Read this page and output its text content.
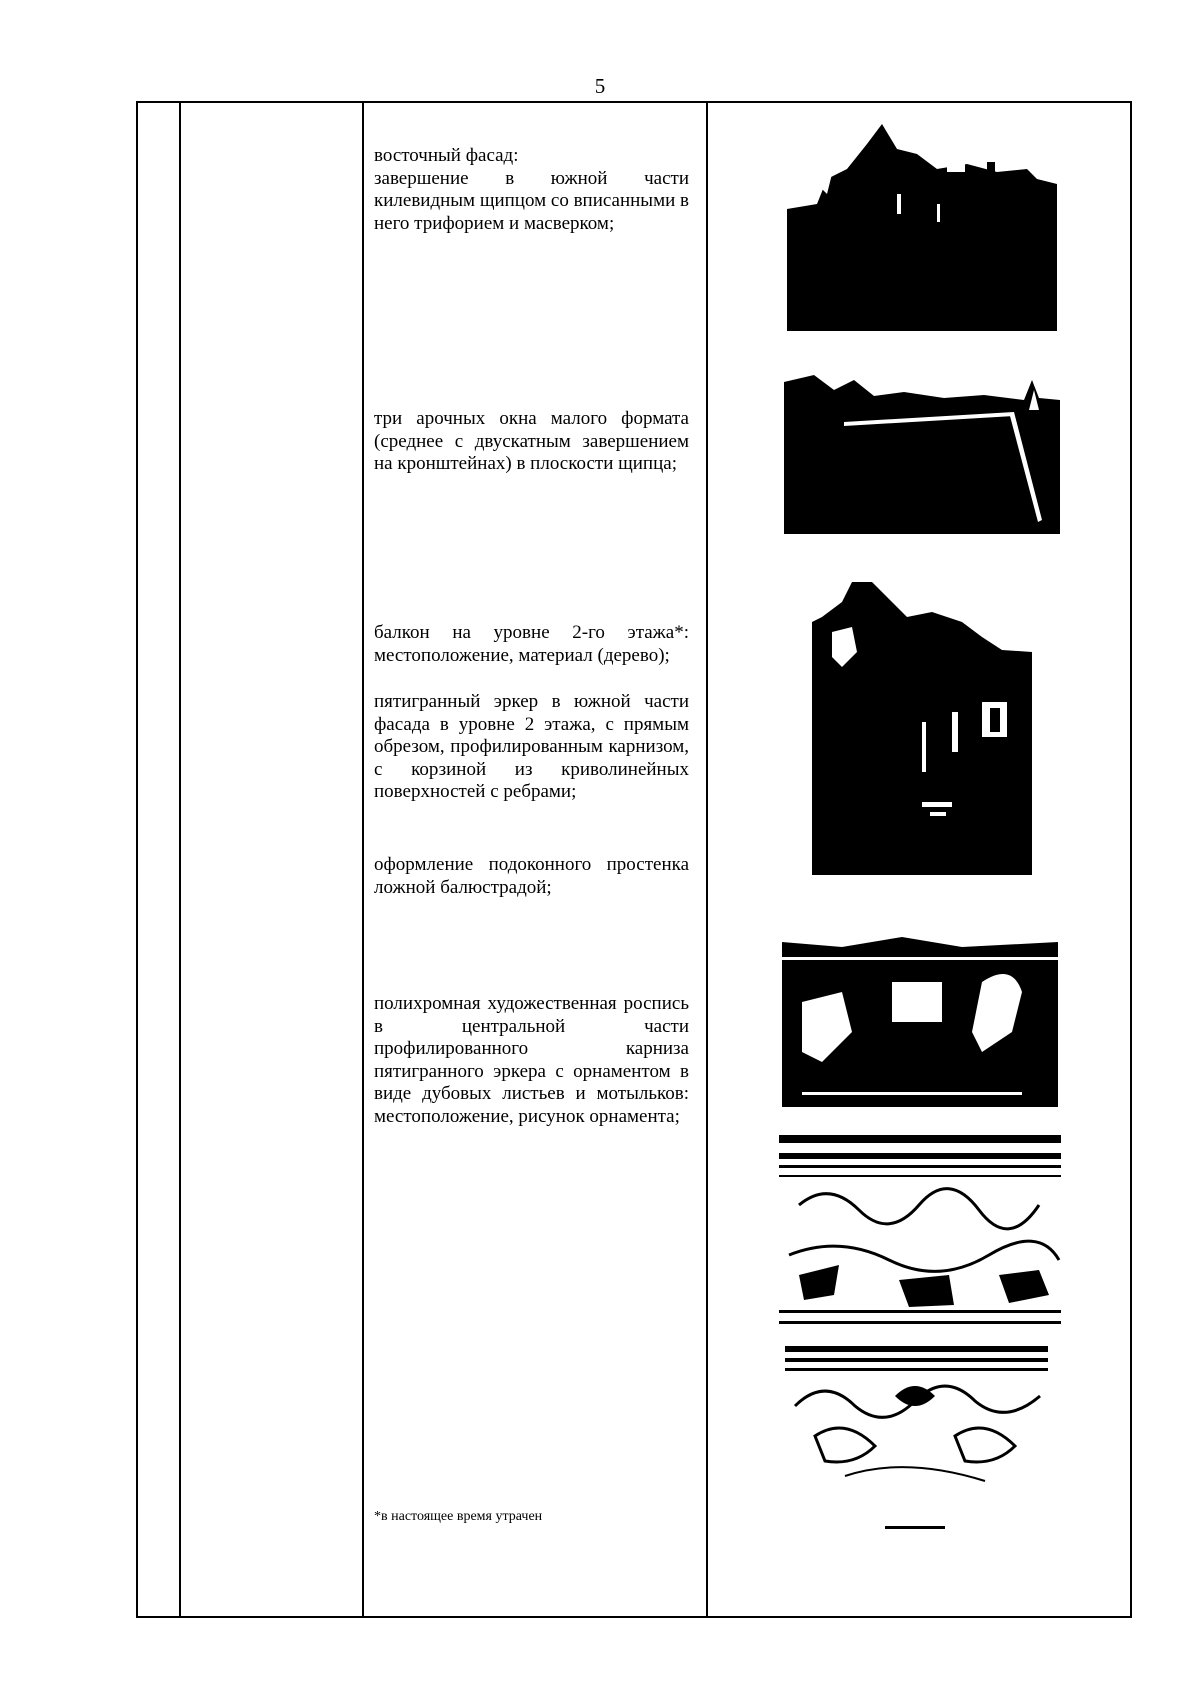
5

восточный фасад:
завершение в южной части килевидным щипцом со вписанными в него трифорием и масверком;

три арочных окна малого формата (среднее с двускатным завершением на кронштейнах) в плоскости щипца;

балкон на уровне 2-го этажа*: местоположение, материал (дерево);

пятигранный эркер в южной части фасада в уровне 2 этажа, с прямым обрезом, профилированным карнизом, с корзиной из криволинейных поверхностей с ребрами;

оформление подоконного простенка ложной балюстрадой;

полихромная художественная роспись в центральной части профилированного карниза пятигранного эркера с орнаментом в виде дубовых листьев и мотыльков: местоположение, рисунок орнамента;

*в настоящее время утрачен
